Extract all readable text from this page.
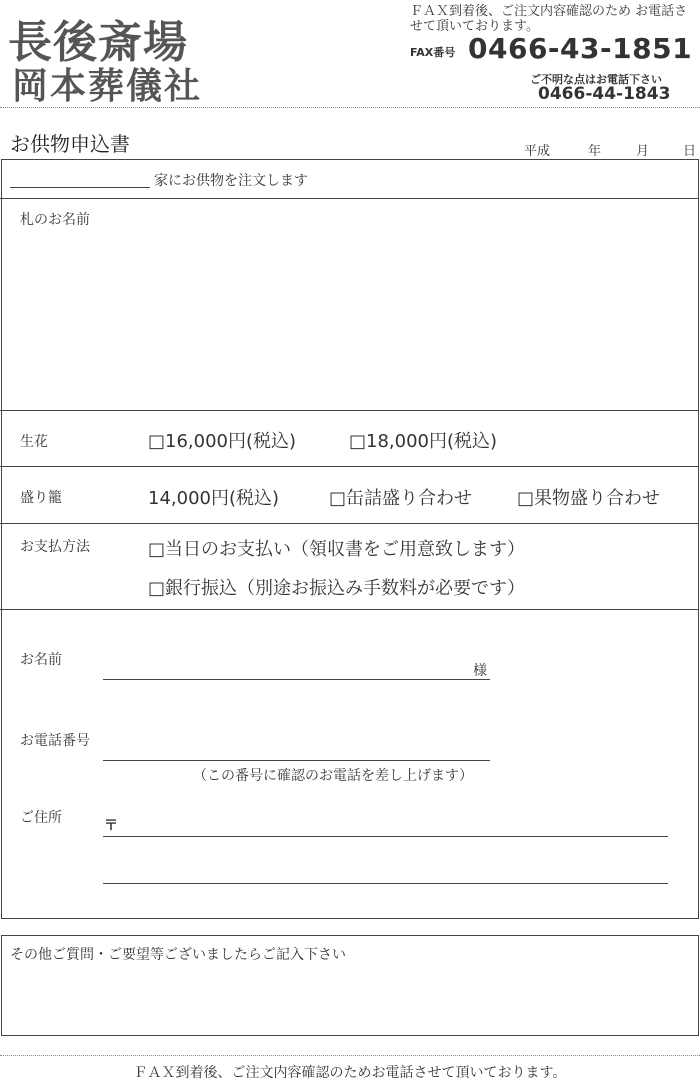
長後斎場
岡本葬儀社
ＦＡＸ到着後、ご注文内容確認のため お電話させて頂いております。
FAX番号 0466-43-1851
ご不明な点はお電話下さい
0466-44-1843
お供物申込書	平成	年	月	日
家にお供物を注文します
札のお名前
生花	□16,000円(税込)	□18,000円(税込)
盛り籠	14,000円(税込)	□缶詰盛り合わせ □果物盛り合わせ
お支払方法	□当日のお支払い（領収書をご用意致します）
□銀行振込（別途お振込み手数料が必要です）
お名前
様
お電話番号
（この番号に確認のお電話を差し上げます）
ご住所	〒
その他ご質問・ご要望等ございましたらご記入下さい
ＦＡＸ到着後、ご注文内容確認のためお電話させて頂いております。
